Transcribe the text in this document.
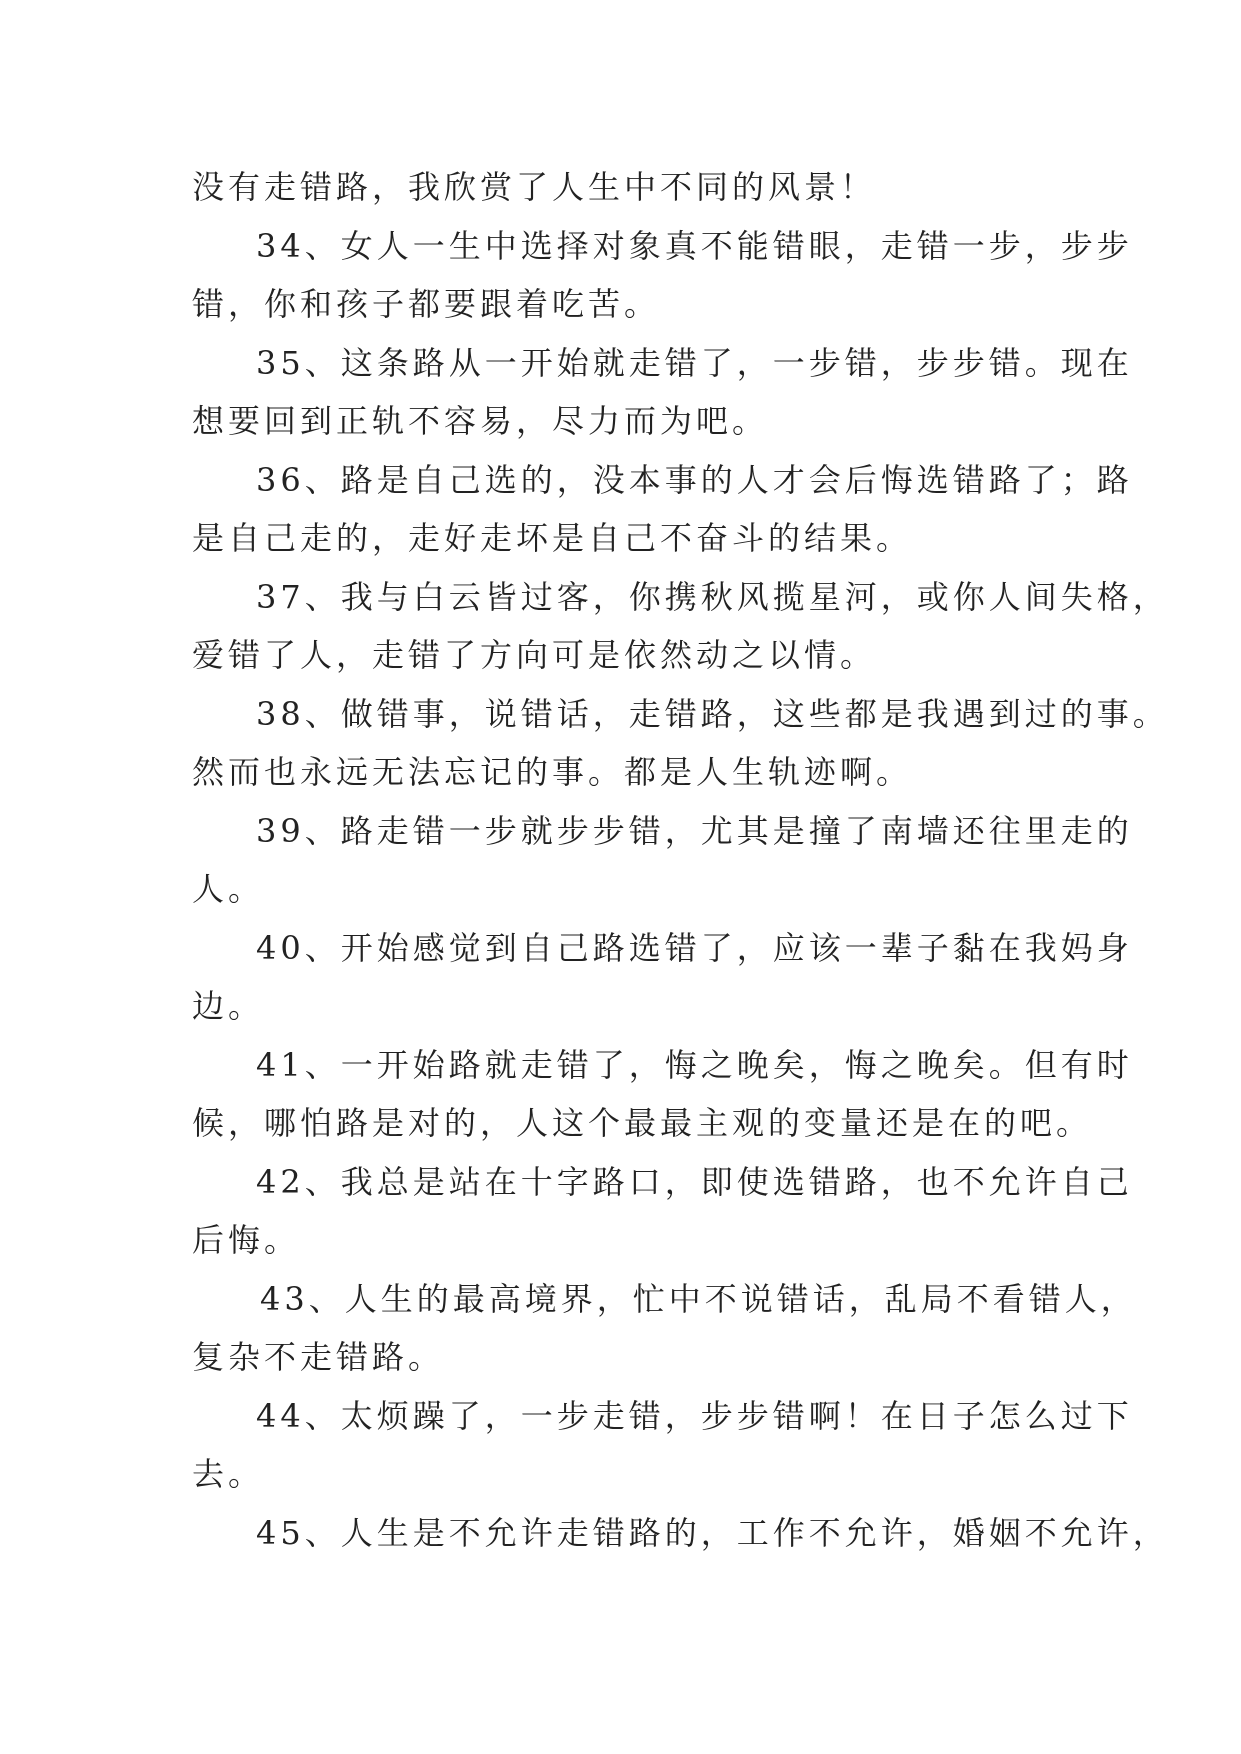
没有走错路，我欣赏了人生中不同的风景！
34、女人一生中选择对象真不能错眼，走错一步，步步
错，你和孩子都要跟着吃苦。
35、这条路从一开始就走错了，一步错，步步错。现在
想要回到正轨不容易，尽力而为吧。
36、路是自己选的，没本事的人才会后悔选错路了；路
是自己走的，走好走坏是自己不奋斗的结果。
37、我与白云皆过客，你携秋风揽星河，或你人间失格，
爱错了人，走错了方向可是依然动之以情。
38、做错事，说错话，走错路，这些都是我遇到过的事。
然而也永远无法忘记的事。都是人生轨迹啊。
39、路走错一步就步步错，尤其是撞了南墙还往里走的
人。
40、开始感觉到自己路选错了，应该一辈子黏在我妈身
边。
41、一开始路就走错了，悔之晚矣，悔之晚矣。但有时
候，哪怕路是对的，人这个最最主观的变量还是在的吧。
42、我总是站在十字路口，即使选错路，也不允许自己
后悔。
43、人生的最高境界，忙中不说错话，乱局不看错人，
复杂不走错路。
44、太烦躁了，一步走错，步步错啊！在日子怎么过下
去。
45、人生是不允许走错路的，工作不允许，婚姻不允许，
